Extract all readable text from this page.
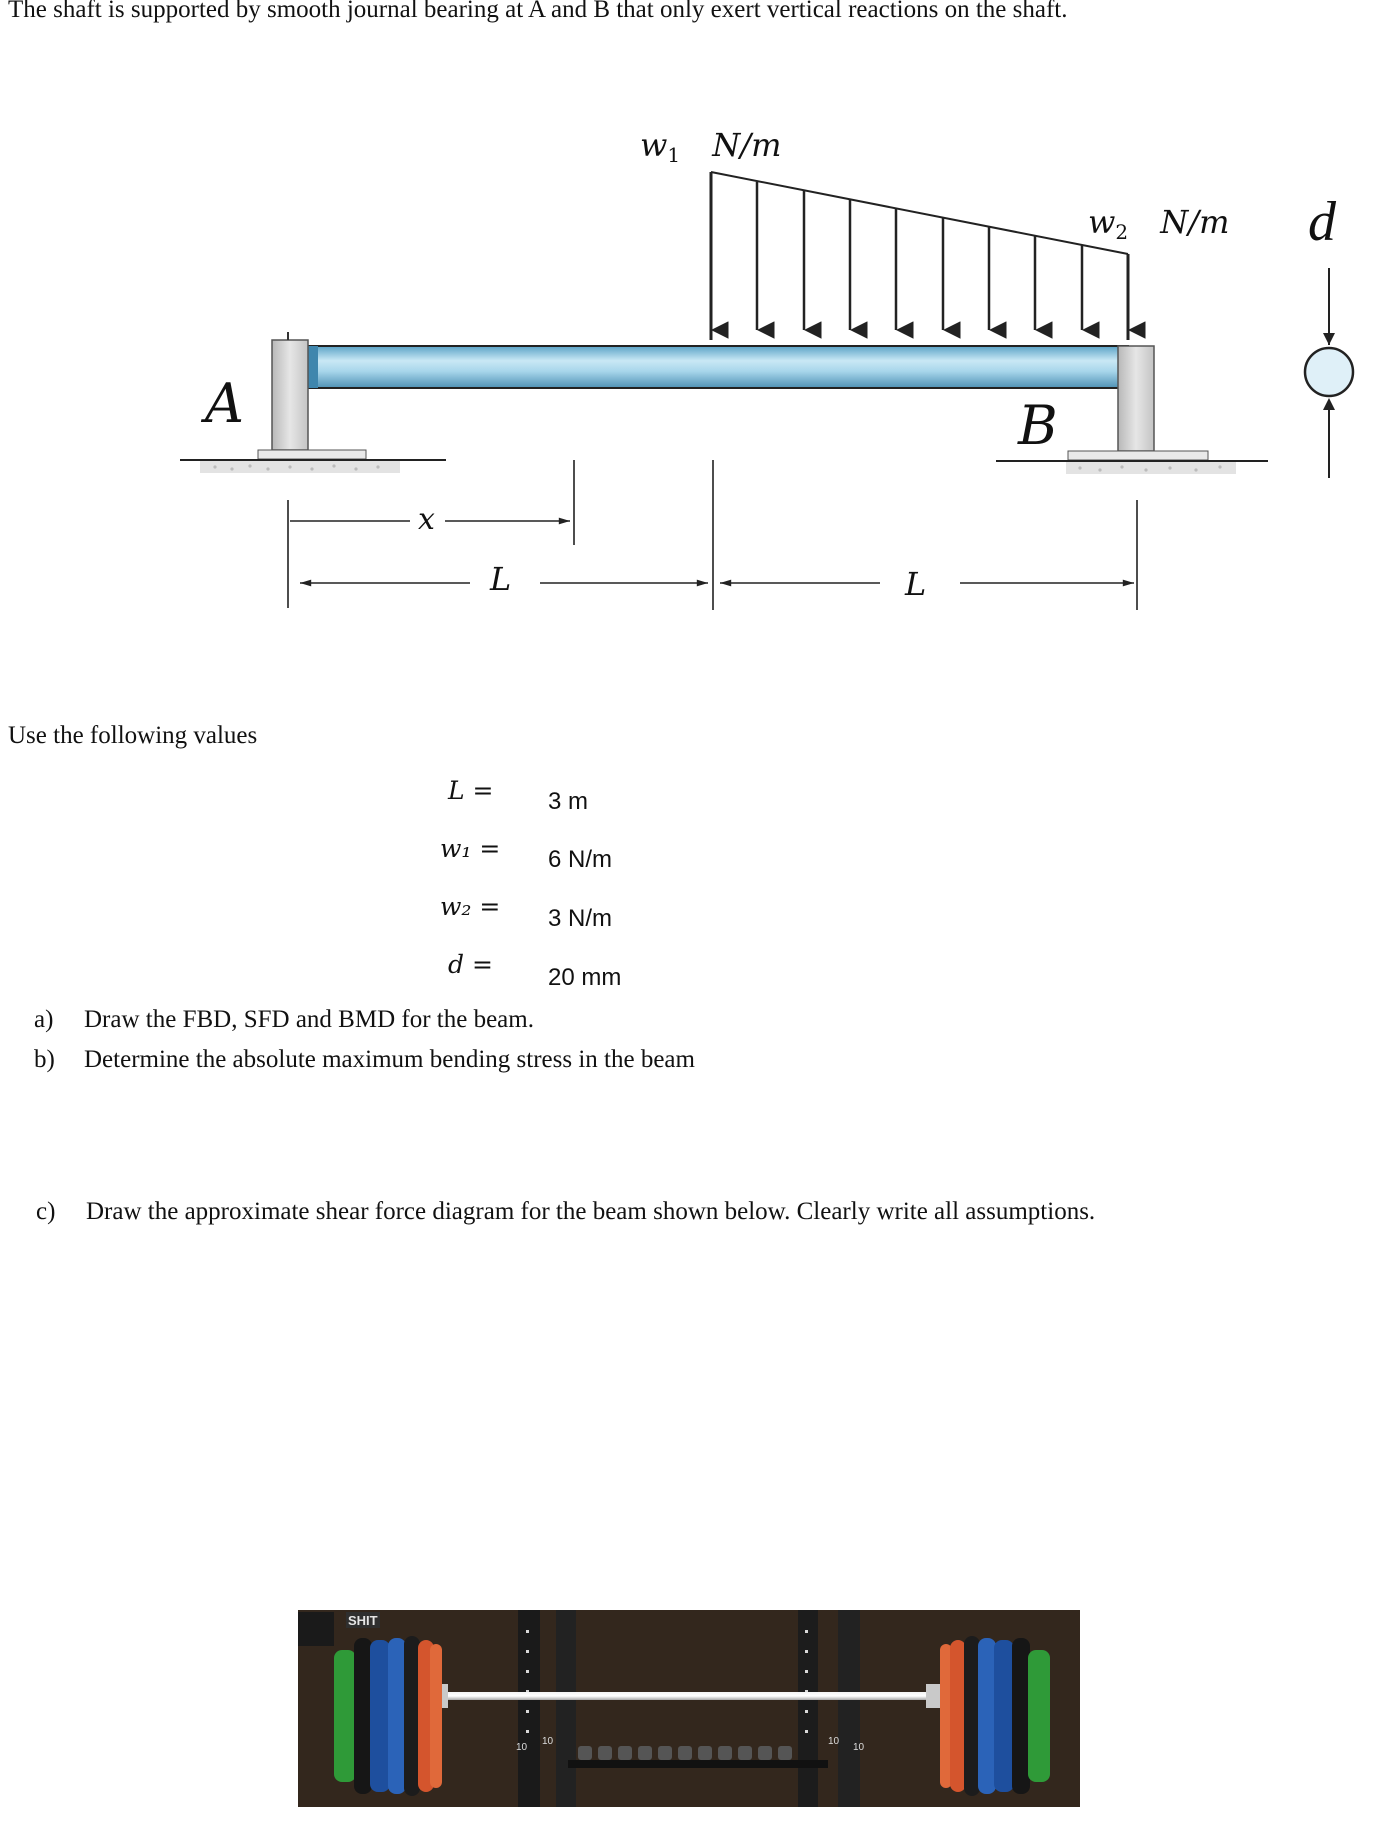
The shaft is supported by smooth journal bearing at A and B that only exert vertical reactions on the shaft.
A	B
d
x
L	L
w1 N/m
w2 N/m
Use the following values
L = 3 m
w₁ = 6 N/m
w₂ = 3 N/m
d = 20 mm
a) Draw the FBD, SFD and BMD for the beam.
b) Determine the absolute maximum bending stress in the beam
c) Draw the approximate shear force diagram for the beam shown below. Clearly write all assumptions.
SHIT
10
10	10
10
